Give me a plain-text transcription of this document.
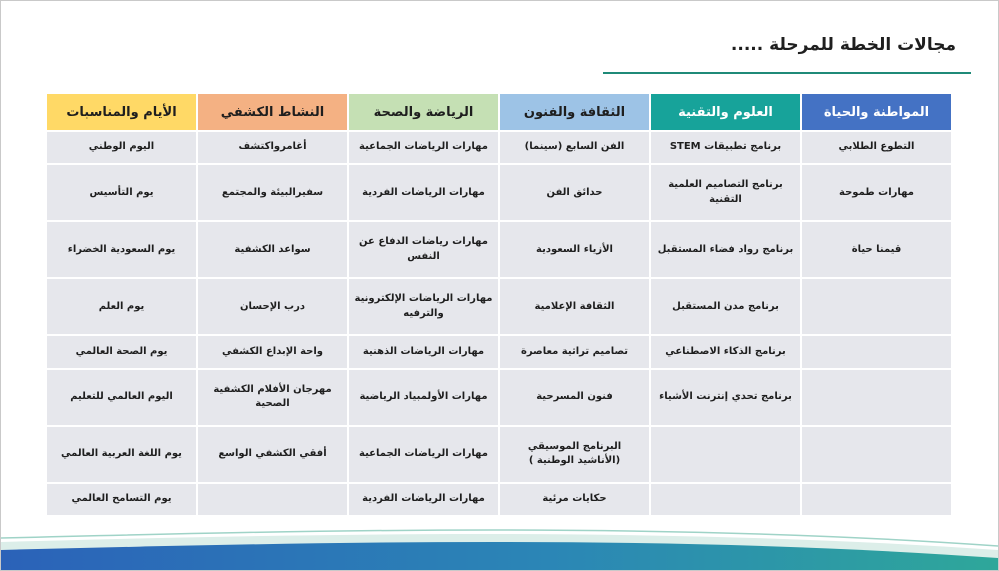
مجالات الخطة للمرحلة .....
المواطنة والحياة	العلوم والتقنية	الثقافة والفنون	الرياضة والصحة	النشاط الكشفي	الأيام والمناسبات
التطوع الطلابي	برنامج تطبيقات STEM	الفن السابع (سينما)	مهارات الرياضات الجماعية	أغامرواكتشف	اليوم الوطني
مهارات طموحة	برنامج التصاميم العلمية التقنية	حدائق الفن	مهارات الرياضات الفردية	سفيرالبيئة والمجتمع	يوم التأسيس
قيمنا حياة	برنامج رواد فضاء المستقبل	الأزياء السعودية	مهارات رياضات الدفاع عن النفس	سواعد الكشفية	يوم السعودية الخضراء
	برنامج مدن المستقبل	الثقافة الإعلامية	مهارات الرياضات الإلكترونية والترفيه	درب الإحسان	يوم العلم
	برنامج الذكاء الاصطناعي	تصاميم تراثية معاصرة	مهارات الرياضات الذهنية	واحة الإبداع الكشفي	يوم الصحة العالمي
	برنامج تحدي إنترنت الأشياء	فنون المسرحية	مهارات الأولمبياد الرياضية	مهرجان الأفلام الكشفية الصحية	اليوم العالمي للتعليم
		البرنامج الموسيقي (الأناشيد الوطنية )	مهارات الرياضات الجماعية	أفقي الكشفي الواسع	يوم اللغة العربية العالمي
		حكايات مرئية	مهارات الرياضات الفردية		يوم التسامح العالمي
